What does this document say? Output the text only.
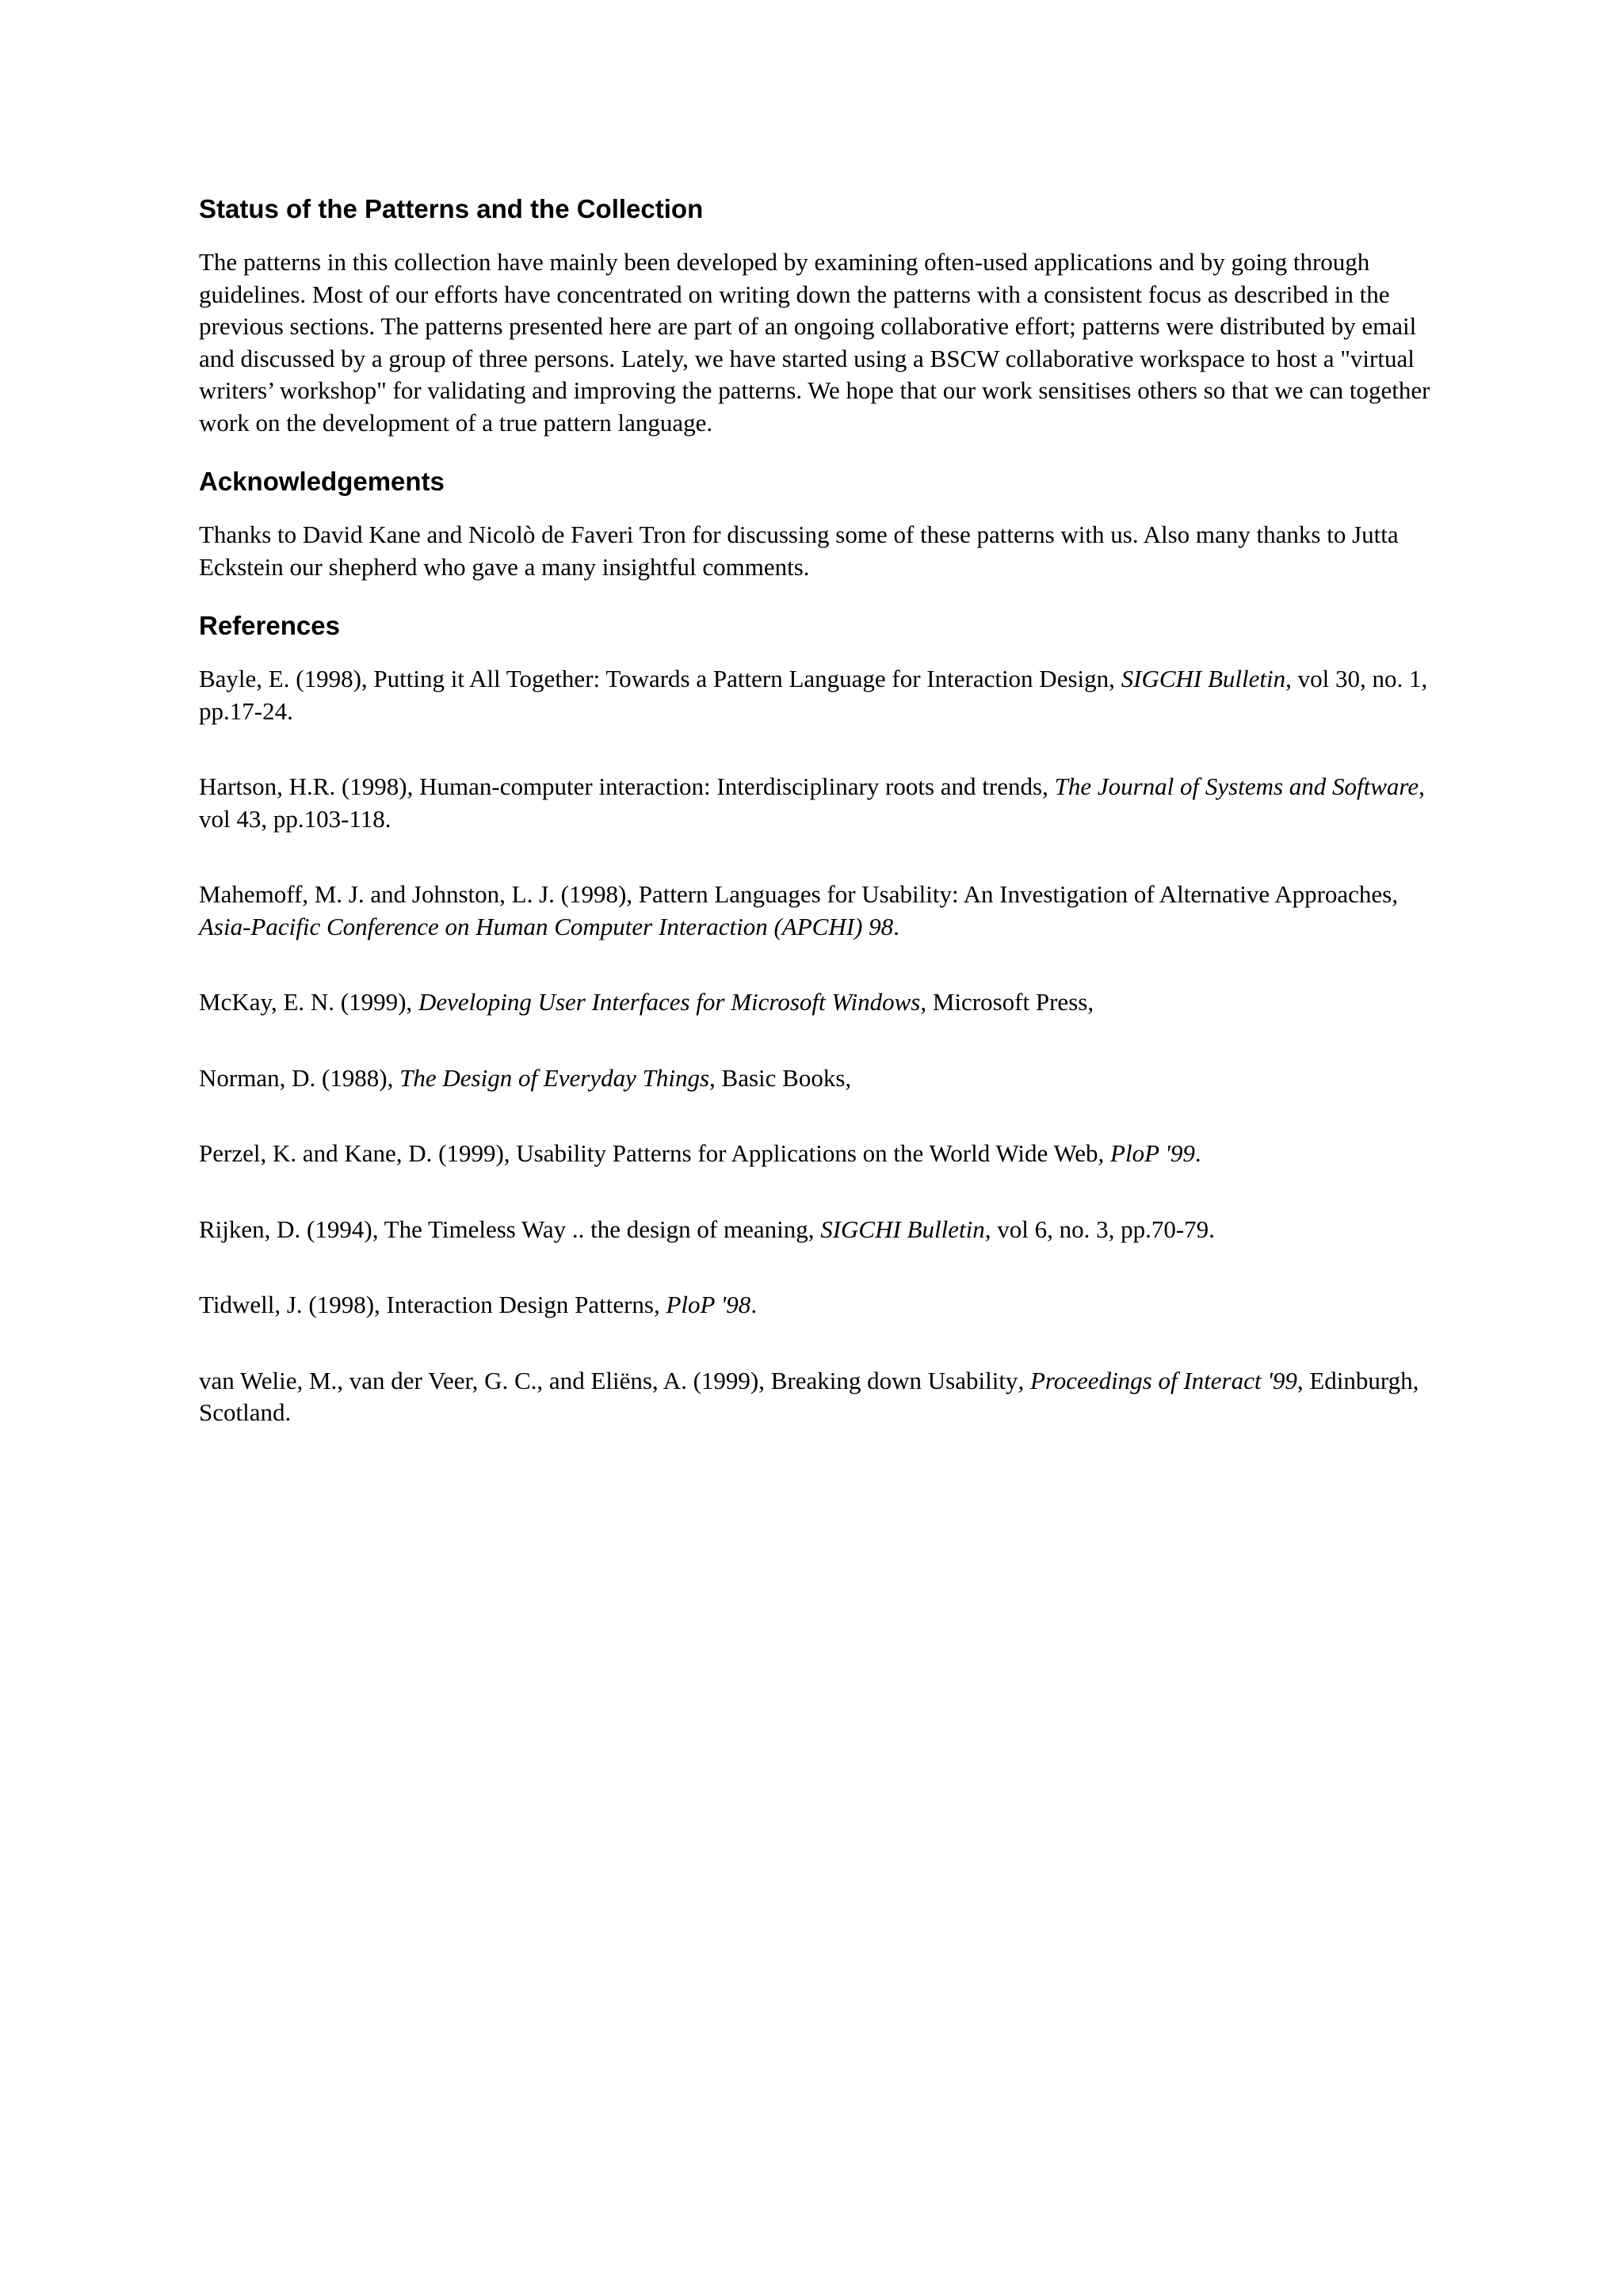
Status of the Patterns and the Collection

The patterns in this collection have mainly been developed by examining often-used applications and by going through guidelines. Most of our efforts have concentrated on writing down the patterns with a consistent focus as described in the previous sections. The patterns presented here are part of an ongoing collaborative effort; patterns were distributed by email and discussed by a group of three persons. Lately, we have started using a BSCW collaborative workspace to host a "virtual writers’ workshop" for validating and improving the patterns. We hope that our work sensitises others so that we can together work on the development of a true pattern language.

Acknowledgements

Thanks to David Kane and Nicolò de Faveri Tron for discussing some of these patterns with us. Also many thanks to Jutta Eckstein our shepherd who gave a many insightful comments.

References

Bayle, E. (1998), Putting it All Together: Towards a Pattern Language for Interaction Design, SIGCHI Bulletin, vol 30, no. 1, pp.17-24.

Hartson, H.R. (1998), Human-computer interaction: Interdisciplinary roots and trends, The Journal of Systems and Software, vol 43, pp.103-118.

Mahemoff, M. J. and Johnston, L. J. (1998), Pattern Languages for Usability: An Investigation of Alternative Approaches, Asia-Pacific Conference on Human Computer Interaction (APCHI) 98.

McKay, E. N. (1999), Developing User Interfaces for Microsoft Windows, Microsoft Press,

Norman, D. (1988), The Design of Everyday Things, Basic Books,

Perzel, K. and Kane, D. (1999), Usability Patterns for Applications on the World Wide Web, PloP '99.

Rijken, D. (1994), The Timeless Way .. the design of meaning, SIGCHI Bulletin, vol 6, no. 3, pp.70-79.

Tidwell, J. (1998), Interaction Design Patterns, PloP '98.

van Welie, M., van der Veer, G. C., and Eliëns, A. (1999), Breaking down Usability, Proceedings of Interact '99, Edinburgh, Scotland.
